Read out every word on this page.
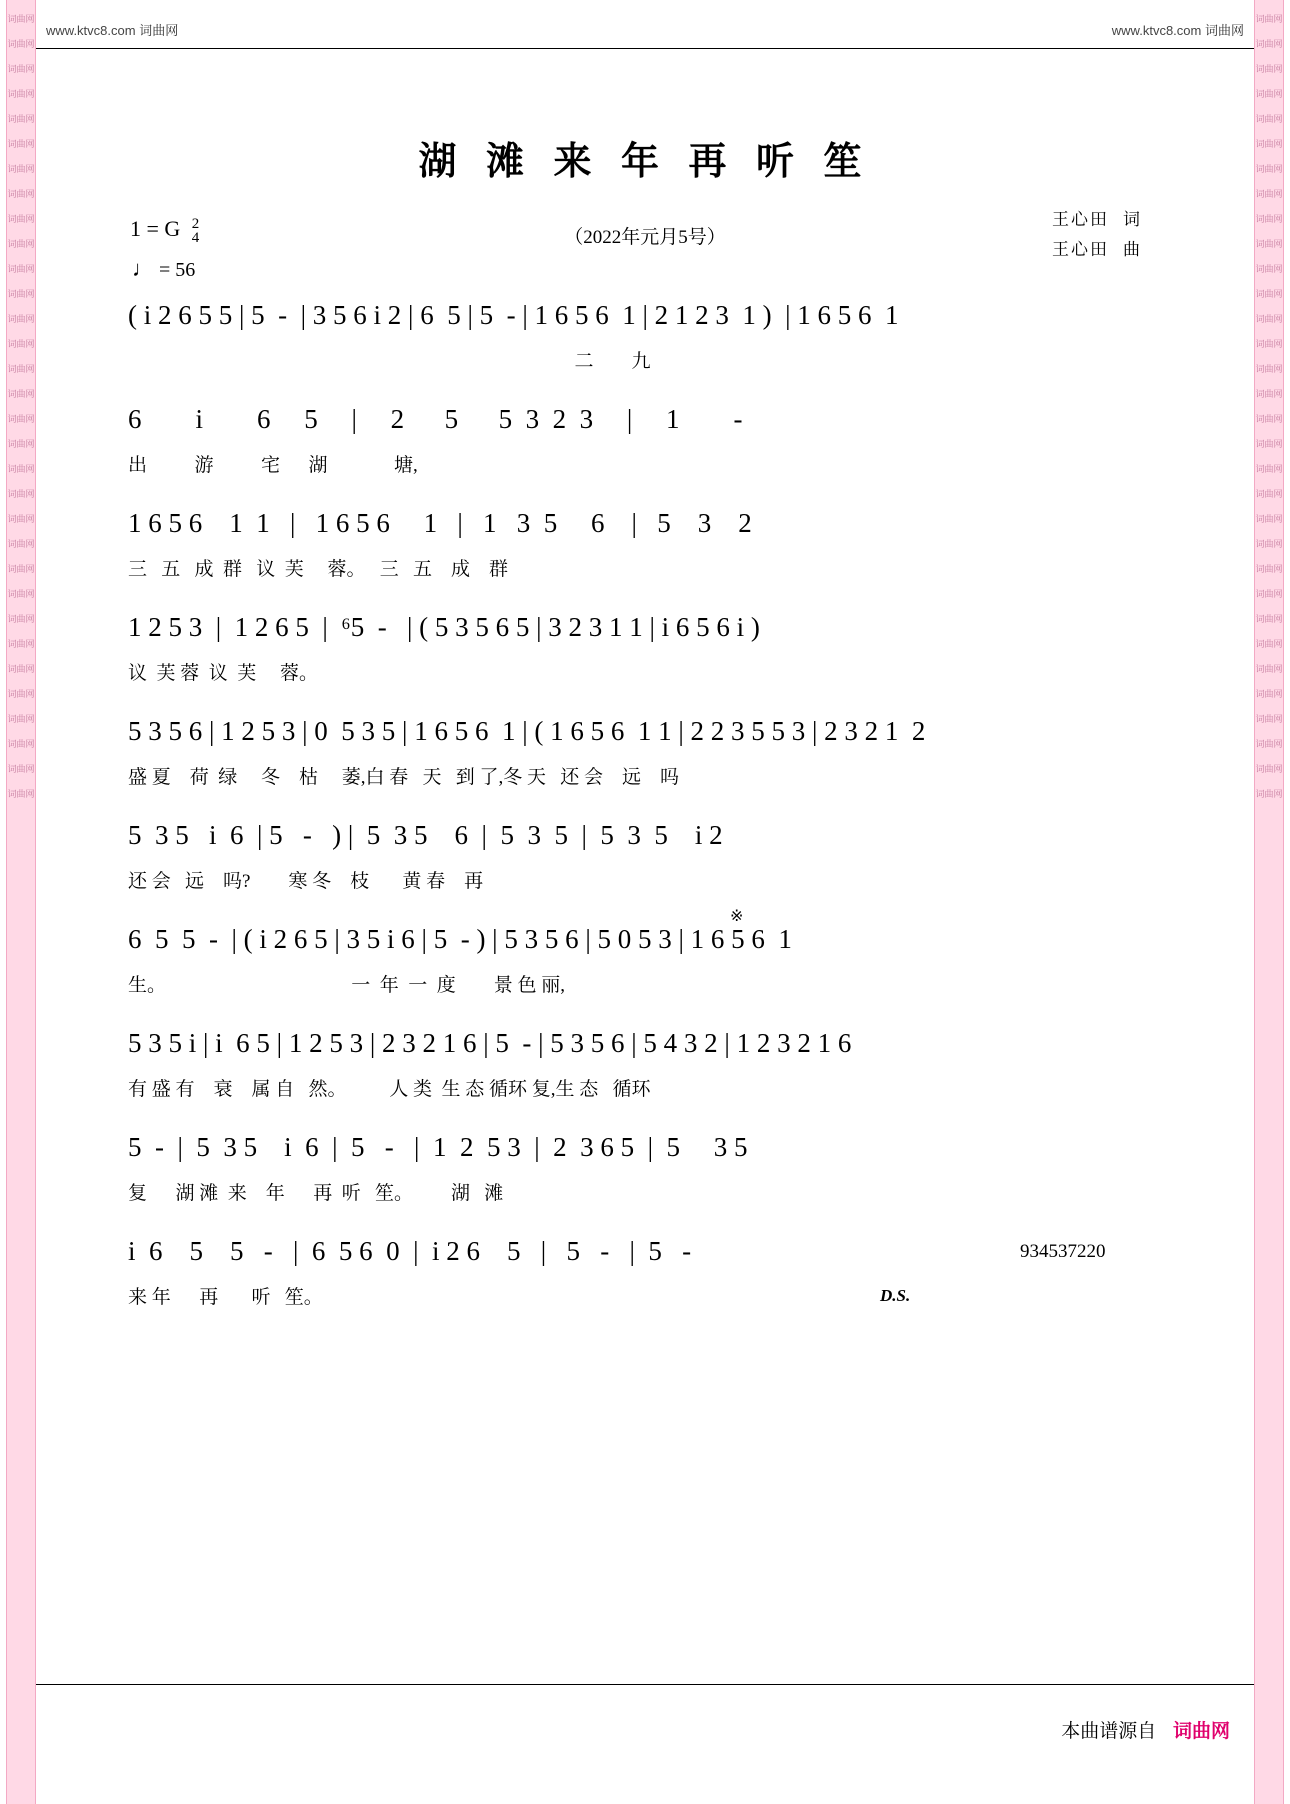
词曲网
词曲网
词曲网
词曲网
词曲网
词曲网
词曲网
词曲网
词曲网
词曲网
词曲网
词曲网
词曲网
词曲网
词曲网
词曲网
词曲网
词曲网
词曲网
词曲网
词曲网
词曲网
词曲网
词曲网
词曲网
词曲网
词曲网
词曲网
词曲网
词曲网
词曲网
词曲网
词曲网
词曲网
词曲网
词曲网
词曲网
词曲网
词曲网
词曲网
词曲网
词曲网
词曲网
词曲网
词曲网
词曲网
词曲网
词曲网
词曲网
词曲网
词曲网
词曲网
词曲网
词曲网
词曲网
词曲网
词曲网
词曲网
词曲网
词曲网
词曲网
词曲网
词曲网
词曲网
www.ktvc8.com 词曲网	www.ktvc8.com 词曲网
湖 滩 来 年 再 听 笙
（2022年元月5号）
王心田 词
王心田 曲
1 = G 2
4
♩ = 56
( i 2 6 5 5 | 5  -  | 3 5 6 i 2 | 6  5 | 5  - | 1 6 5 6  1 | 2 1 2 3  1 )  | 1 6 5 6  1
二        九
6        i        6     5     |     2      5      5  3  2  3     |     1        -
出          游          宅      湖              塘,
1 6 5 6    1  1   |   1 6 5 6     1   |   1   3  5     6    |   5    3    2
三   五   成  群   议  芙     蓉。   三   五    成    群
1 2 5 3  |  1 2 6 5  |  ⁶5  -   | ( 5 3 5 6 5 | 3 2 3 1 1 | i 6 5 6 i )
议  芙 蓉  议  芙     蓉。
5 3 5 6 | 1 2 5 3 | 0  5 3 5 | 1 6 5 6  1 | ( 1 6 5 6  1 1 | 2 2 3 5 5 3 | 2 3 2 1  2
盛 夏    荷  绿     冬    枯     萎,白 春   天   到 了,冬 天   还 会    远    吗
5  3 5   i  6  | 5   -   ) |  5  3 5    6  |  5  3  5  |  5  3  5    i 2
还 会   远    吗?        寒 冬    枝       黄 春    再
※
6  5  5  -  | ( i 2 6 5 | 3 5 i 6 | 5  - ) | 5 3 5 6 | 5 0 5 3 | 1 6 5 6  1
生。                                       一  年  一  度        景 色 丽,
5 3 5 i | i  6 5 | 1 2 5 3 | 2 3 2 1 6 | 5  - | 5 3 5 6 | 5 4 3 2 | 1 2 3 2 1 6
有 盛 有    衰    属 自   然。         人 类  生 态 循环 复,生 态   循环
5  -  |  5  3 5    i  6  |  5   -   |  1  2  5 3  |  2  3 6 5  |  5     3 5
复      湖 滩  来    年      再  听   笙。        湖   滩
i  6    5    5   -   |  6  5 6  0  |  i 2 6    5   |   5   -   |  5   -
来 年      再       听   笙。	D.S.
934537220
本曲谱源自 词曲网
